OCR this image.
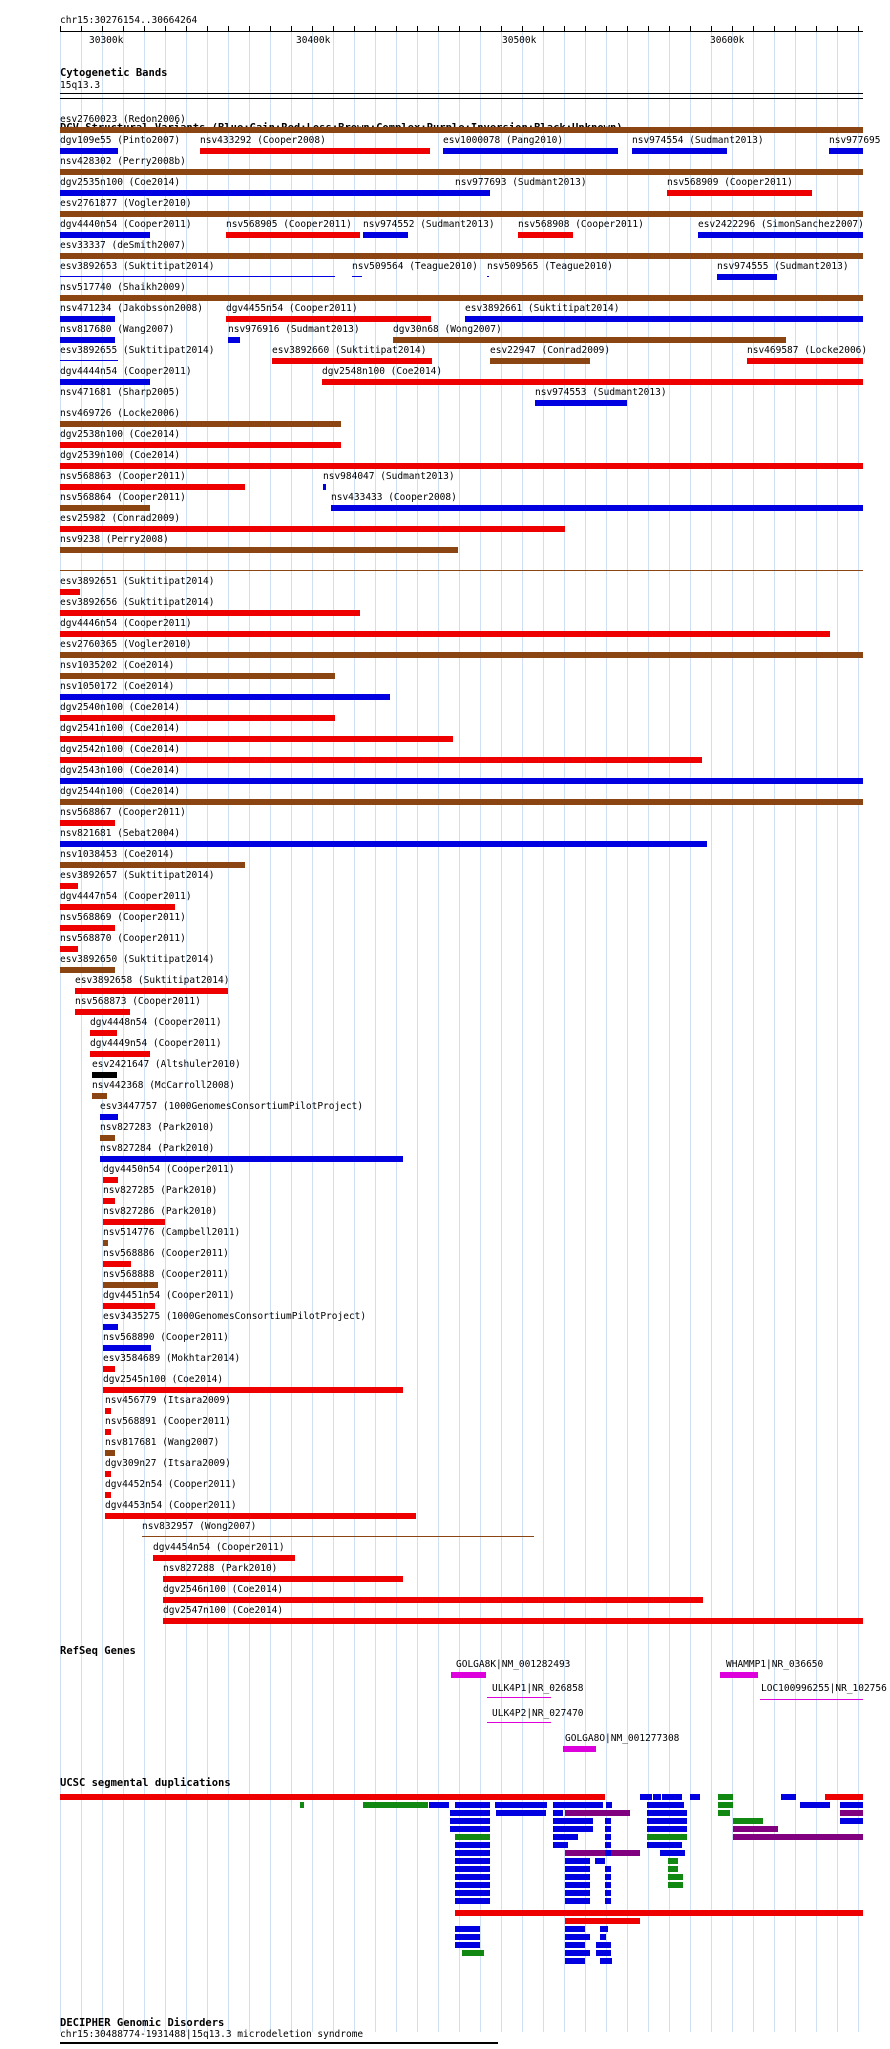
chr15:30276154..30664264
30300k	30400k	30500k	30600k
Cytogenetic Bands
15q13.3
esv2760023 (Redon2006)
dgv109e55 (Pinto2007) nsv433292 (Cooper2008)	esv1000078 (Pang2010)	nsv974554 (Sudmant2013)	nsv977695
nsv428302 (Perry2008b)
dgv2535n100 (Coe2014)	nsv977693 (Sudmant2013)	nsv568909 (Cooper2011)
esv2761877 (Vogler2010)
dgv4440n54 (Cooper2011)	nsv568905 (Cooper2011) nsv974552 (Sudmant2013) nsv568908 (Cooper2011)	esv2422296 (SimonSanchez2007)
esv33337 (deSmith2007)
esv3892653 (Suktitipat2014)	nsv509564 (Teague2010) nsv509565 (Teague2010)	nsv974555 (Sudmant2013)
nsv517740 (Shaikh2009)
nsv471234 (Jakobsson2008) dgv4455n54 (Cooper2011)	esv3892661 (Suktitipat2014)
nsv817680 (Wang2007)	nsv976916 (Sudmant2013)	dgv30n68 (Wong2007)
esv3892655 (Suktitipat2014)	esv3892660 (Suktitipat2014)	esv22947 (Conrad2009)	nsv469587 (Locke2006)
dgv4444n54 (Cooper2011)	dgv2548n100 (Coe2014)
nsv471681 (Sharp2005)	nsv974553 (Sudmant2013)
nsv469726 (Locke2006)
dgv2538n100 (Coe2014)
dgv2539n100 (Coe2014)
nsv984047 (Sudmant2013)
nsv433433 (Cooper2008)
nsv568863 (Cooper2011)
nsv568864 (Cooper2011)
esv25982 (Conrad2009)
nsv9238 (Perry2008)
esv3892651 (Suktitipat2014)
esv3892656 (Suktitipat2014)
dgv4446n54 (Cooper2011)
esv2760365 (Vogler2010)
nsv1035202 (Coe2014)
nsv1050172 (Coe2014)
dgv2540n100 (Coe2014)
dgv2541n100 (Coe2014)
dgv2542n100 (Coe2014)
dgv2543n100 (Coe2014)
dgv2544n100 (Coe2014)
nsv568867 (Cooper2011)
nsv821681 (Sebat2004)
nsv1038453 (Coe2014)
esv3892657 (Suktitipat2014)
dgv4447n54 (Cooper2011)
nsv568869 (Cooper2011)
nsv568870 (Cooper2011)
esv3892650 (Suktitipat2014)
esv3892658 (Suktitipat2014)
nsv568873 (Cooper2011)
dgv4448n54 (Cooper2011)
dgv4449n54 (Cooper2011)
esv2421647 (Altshuler2010)
nsv442368 (McCarroll2008)
esv3447757 (1000GenomesConsortiumPilotProject)
nsv827283 (Park2010)
nsv827284 (Park2010)
dgv4450n54 (Cooper2011)
nsv827285 (Park2010)
nsv827286 (Park2010)
nsv514776 (Campbell2011)
nsv568886 (Cooper2011)
nsv568888 (Cooper2011)
dgv4451n54 (Cooper2011)
esv3435275 (1000GenomesConsortiumPilotProject)
nsv568890 (Cooper2011)
esv3584689 (Mokhtar2014)
dgv2545n100 (Coe2014)
nsv456779 (Itsara2009)
nsv568891 (Cooper2011)
nsv817681 (Wang2007)
dgv309n27 (Itsara2009)
dgv4452n54 (Cooper2011)
dgv4453n54 (Cooper2011)
nsv832957 (Wong2007)
dgv4454n54 (Cooper2011)
nsv827288 (Park2010)
dgv2546n100 (Coe2014)
dgv2547n100 (Coe2014)
RefSeq Genes
GOLGA8K|NM_001282493	WHAMMP1|NR_036650
ULK4P1|NR_026858	LOC100996255|NR_102756
ULK4P2|NR_027470
GOLGA8O|NM_001277308
UCSC segmental duplications
DECIPHER Genomic Disorders
chr15:30488774-1931488|15q13.3 microdeletion syndrome
